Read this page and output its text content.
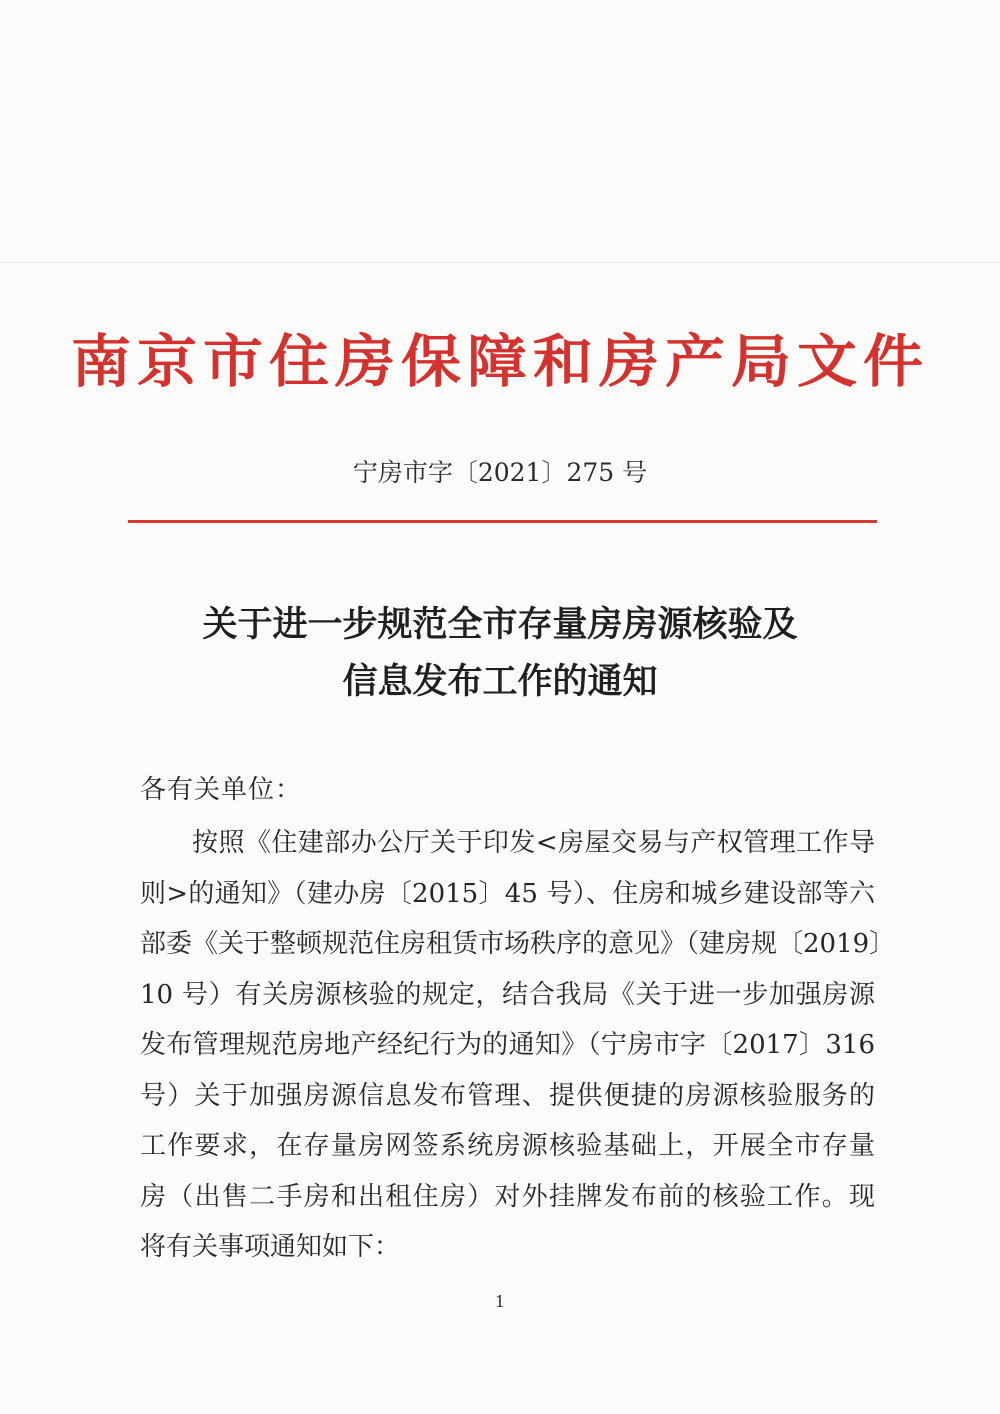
南京市住房保障和房产局文件
宁房市字〔2021〕275 号
关于进一步规范全市存量房房源核验及
信息发布工作的通知
各有关单位：
按照《住建部办公厅关于印发<房屋交易与产权管理工作导
则>的通知》（建办房〔2015〕45 号）、住房和城乡建设部等六
部委《关于整顿规范住房租赁市场秩序的意见》（建房规〔2019〕
10 号）有关房源核验的规定，结合我局《关于进一步加强房源
发布管理规范房地产经纪行为的通知》（宁房市字〔2017〕316
号）关于加强房源信息发布管理、提供便捷的房源核验服务的
工作要求，在存量房网签系统房源核验基础上，开展全市存量
房（出售二手房和出租住房）对外挂牌发布前的核验工作。现
将有关事项通知如下：
1
